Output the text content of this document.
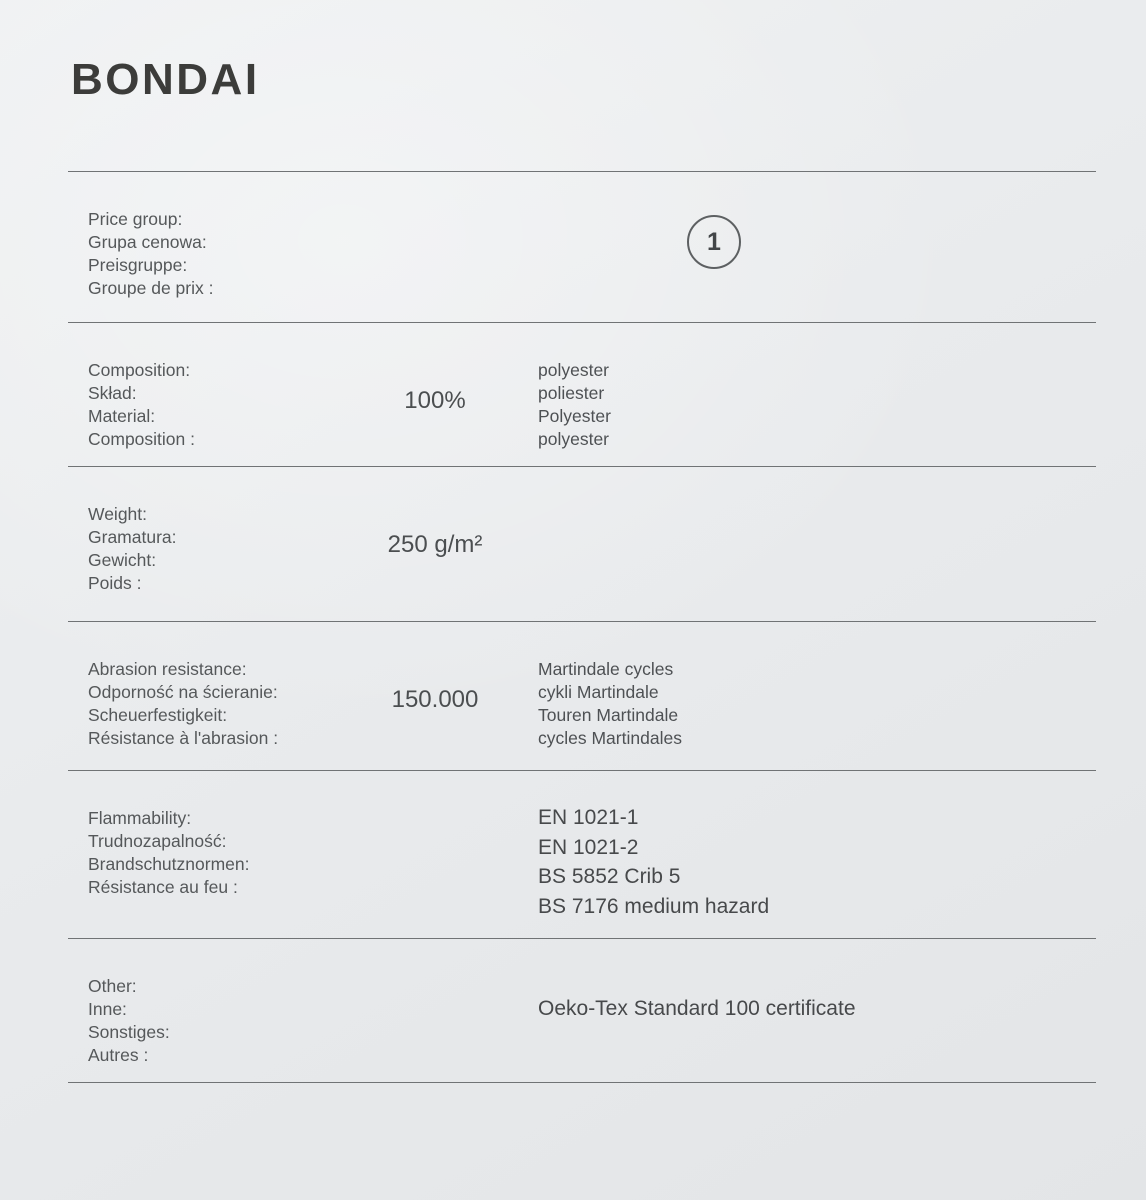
BONDAI
Price group:
Grupa cenowa:
Preisgruppe:
Groupe de prix :
1
Composition:
Skład:
Material:
Composition :
100%
polyester
poliester
Polyester
polyester
Weight:
Gramatura:
Gewicht:
Poids :
250 g/m²
Abrasion resistance:
Odporność na ścieranie:
Scheuerfestigkeit:
Résistance à l'abrasion :
150.000
Martindale cycles
cykli Martindale
Touren Martindale
cycles Martindales
Flammability:
Trudnozapalność:
Brandschutznormen:
Résistance au feu :
EN 1021-1
EN 1021-2
BS 5852 Crib 5
BS 7176 medium hazard
Other:
Inne:
Sonstiges:
Autres :
Oeko-Tex Standard 100 certificate
